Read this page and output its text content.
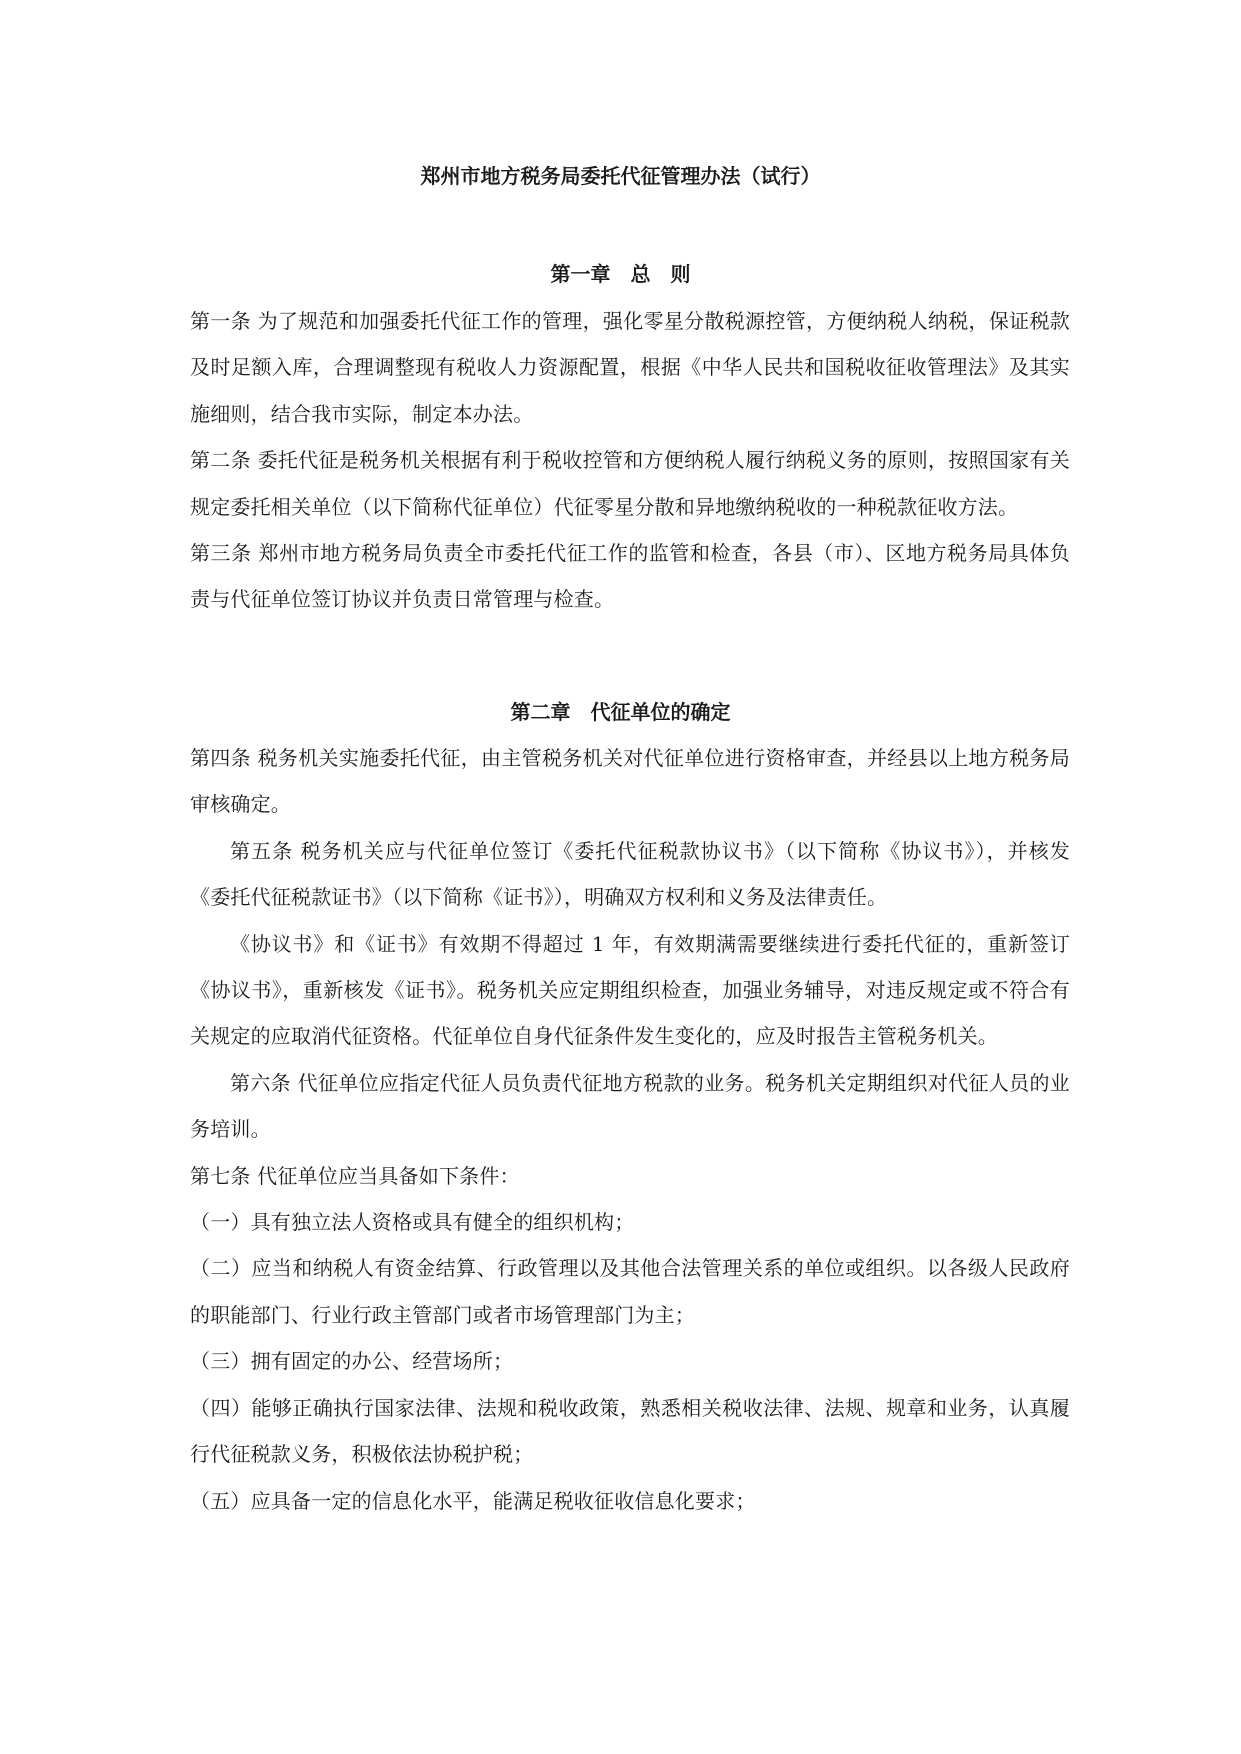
郑州市地方税务局委托代征管理办法（试行）
第一章　总　则

第一条 为了规范和加强委托代征工作的管理，强化零星分散税源控管，方便纳税人纳税，保证税款及时足额入库，合理调整现有税收人力资源配置，根据《中华人民共和国税收征收管理法》及其实施细则，结合我市实际，制定本办法。

第二条 委托代征是税务机关根据有利于税收控管和方便纳税人履行纳税义务的原则，按照国家有关规定委托相关单位（以下简称代征单位）代征零星分散和异地缴纳税收的一种税款征收方法。

第三条 郑州市地方税务局负责全市委托代征工作的监管和检查，各县（市）、区地方税务局具体负责与代征单位签订协议并负责日常管理与检查。

第二章　代征单位的确定

第四条 税务机关实施委托代征，由主管税务机关对代征单位进行资格审查，并经县以上地方税务局审核确定。

第五条 税务机关应与代征单位签订《委托代征税款协议书》（以下简称《协议书》），并核发《委托代征税款证书》（以下简称《证书》），明确双方权利和义务及法律责任。

《协议书》和《证书》有效期不得超过 1 年，有效期满需要继续进行委托代征的，重新签订《协议书》，重新核发《证书》。税务机关应定期组织检查，加强业务辅导，对违反规定或不符合有关规定的应取消代征资格。代征单位自身代征条件发生变化的，应及时报告主管税务机关。

第六条 代征单位应指定代征人员负责代征地方税款的业务。税务机关定期组织对代征人员的业务培训。

第七条 代征单位应当具备如下条件：

（一）具有独立法人资格或具有健全的组织机构；

（二）应当和纳税人有资金结算、行政管理以及其他合法管理关系的单位或组织。以各级人民政府的职能部门、行业行政主管部门或者市场管理部门为主；

（三）拥有固定的办公、经营场所；

（四）能够正确执行国家法律、法规和税收政策，熟悉相关税收法律、法规、规章和业务，认真履行代征税款义务，积极依法协税护税；

（五）应具备一定的信息化水平，能满足税收征收信息化要求；
